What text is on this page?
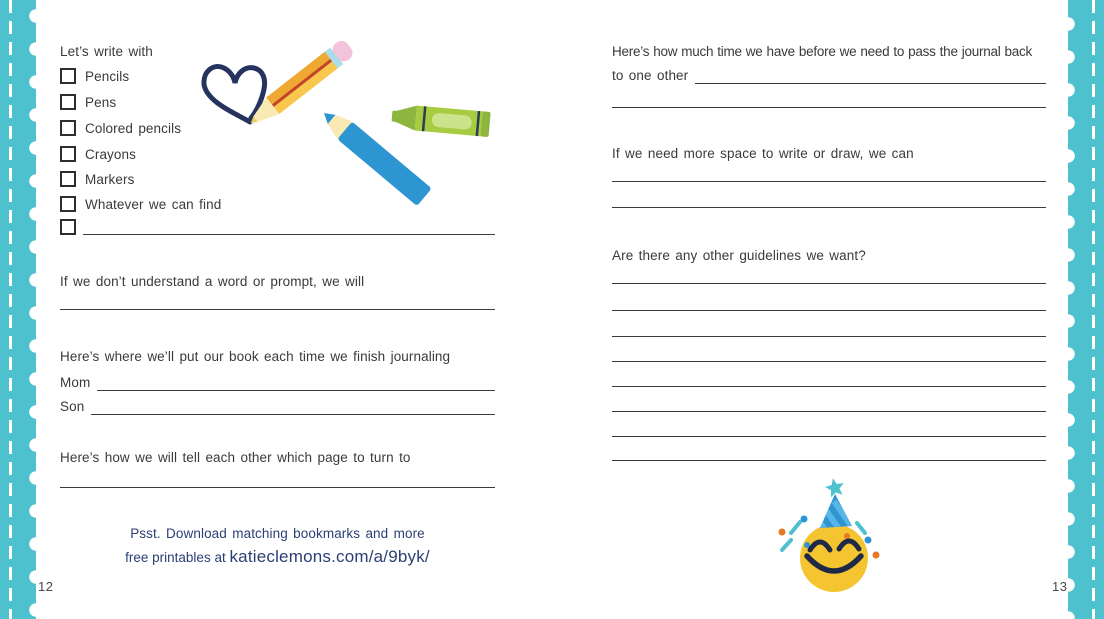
Let’s write with
Pencils
Pens
Colored pencils
Crayons
Markers
Whatever we can find
If we don’t understand a word or prompt, we will
Here’s where we’ll put our book each time we finish journaling
Mom
Son
Here’s how we will tell each other which page to turn to
Psst. Download matching bookmarks and more
free printables at katieclemons.com/a/9byk/
12
Here’s how much time we have before we need to pass the journal back
to one other
If we need more space to write or draw, we can
Are there any other guidelines we want?
13
